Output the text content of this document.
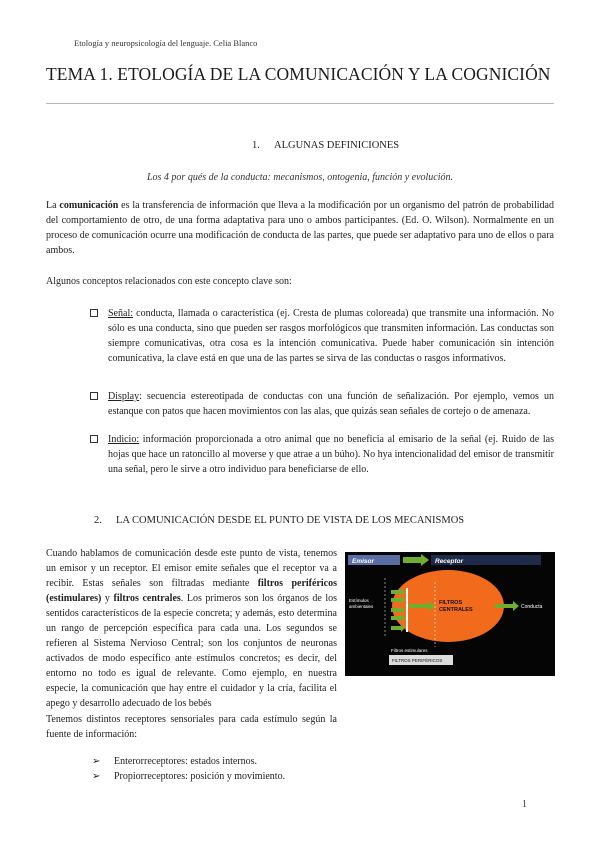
Etología y neuropsicología del lenguaje. Celia Blanco
TEMA 1. ETOLOGÍA DE LA COMUNICACIÓN Y LA COGNICIÓN
1. ALGUNAS DEFINICIONES
Los 4 por qués de la conducta: mecanismos, ontogenia, función y evolución.
La comunicación es la transferencia de información que lleva a la modificación por un organismo del patrón de probabilidad del comportamiento de otro, de una forma adaptativa para uno o ambos participantes. (Ed. O. Wilson). Normalmente en un proceso de comunicación ocurre una modificación de conducta de las partes, que puede ser adaptativo para uno de ellos o para ambos.
Algunos conceptos relacionados con este concepto clave son:
Señal: conducta, llamada o característica (ej. Cresta de plumas coloreada) que transmite una información. No sólo es una conducta, sino que pueden ser rasgos morfológicos que transmiten información. Las conductas son siempre comunicativas, otra cosa es la intención comunicativa. Puede haber comunicación sin intención comunicativa, la clave está en que una de las partes se sirva de las conductas o rasgos informativos.
Display: secuencia estereotipada de conductas con una función de señalización. Por ejemplo, vemos un estanque con patos que hacen movimientos con las alas, que quizás sean señales de cortejo o de amenaza.
Indicio: información proporcionada a otro animal que no beneficia al emisario de la señal (ej. Ruido de las hojas que hace un ratoncillo al moverse y que atrae a un búho). No hya intencionalidad del emisor de transmitir una señal, pero le sirve a otro individuo para beneficiarse de ello.
2. LA COMUNICACIÓN DESDE EL PUNTO DE VISTA DE LOS MECANISMOS
Cuando hablamos de comunicación desde este punto de vista, tenemos un emisor y un receptor. El emisor emite señales que el receptor va a recibir. Estas señales son filtradas mediante filtros periféricos (estimulares) y filtros centrales. Los primeros son los órganos de los sentidos característicos de la especie concreta; y además, esto determina un rango de percepción específica para cada una. Los segundos se refieren al Sistema Nervioso Central; son los conjuntos de neuronas activados de modo específico ante estímulos concretos; es decir, del entorno no todo es igual de relevante. Como ejemplo, en nuestra especie, la comunicación que hay entre el cuidador y la cría, facilita el apego y desarrollo adecuado de los bebés
Tenemos distintos receptores sensoriales para cada estímulo según la fuente de información:
Emisor	Receptor
Estímulos
ambientales
FILTROS
CENTRALES	Conducta
Filtros estimulares
FILTROS PERIFÉRICOS
➢ Enterorreceptores: estados internos.
➢ Propiorreceptores: posición y movimiento.
1
